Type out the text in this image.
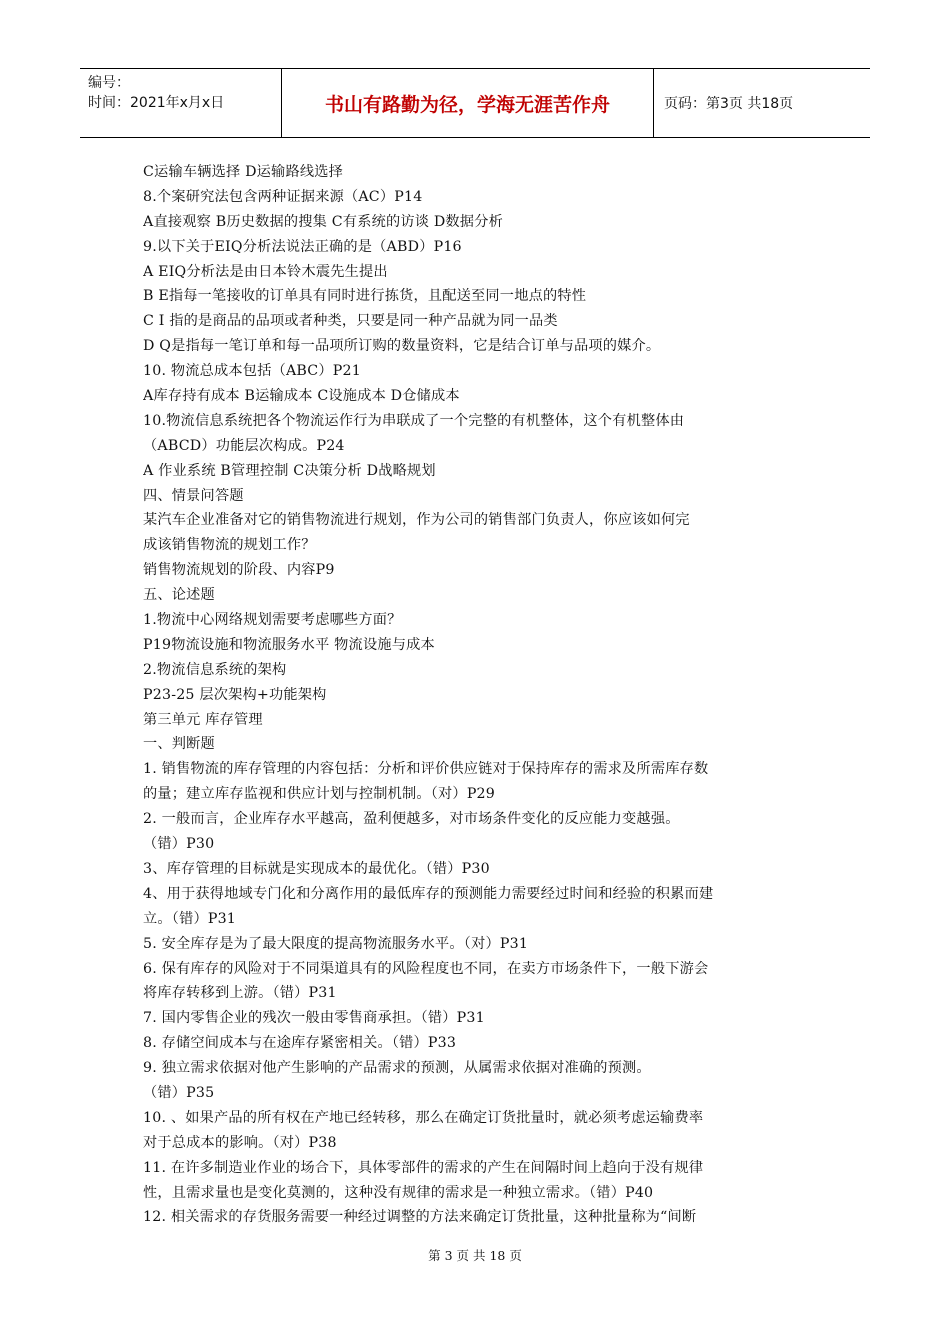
编号：
时间：2021年x月x日	书山有路勤为径，学海无涯苦作舟	页码：第3页 共18页
C运输车辆选择 D运输路线选择
8.个案研究法包含两种证据来源（AC）P14
A直接观察 B历史数据的搜集 C有系统的访谈 D数据分析
9.以下关于EIQ分析法说法正确的是（ABD）P16
A EIQ分析法是由日本铃木震先生提出
B E指每一笔接收的订单具有同时进行拣货，且配送至同一地点的特性
C I 指的是商品的品项或者种类，只要是同一种产品就为同一品类
D Q是指每一笔订单和每一品项所订购的数量资料，它是结合订单与品项的媒介。
10. 物流总成本包括（ABC）P21
A库存持有成本 B运输成本 C设施成本 D仓储成本
10.物流信息系统把各个物流运作行为串联成了一个完整的有机整体，这个有机整体由
（ABCD）功能层次构成。P24
A 作业系统 B管理控制 C决策分析 D战略规划
四、情景问答题
某汽车企业准备对它的销售物流进行规划，作为公司的销售部门负责人，你应该如何完
成该销售物流的规划工作？
销售物流规划的阶段、内容P9
五、论述题
1.物流中心网络规划需要考虑哪些方面？
P19物流设施和物流服务水平 物流设施与成本
2.物流信息系统的架构
P23-25 层次架构+功能架构
第三单元 库存管理
一、判断题
1. 销售物流的库存管理的内容包括：分析和评价供应链对于保持库存的需求及所需库存数
的量；建立库存监视和供应计划与控制机制。（对）P29
2. 一般而言，企业库存水平越高，盈利便越多，对市场条件变化的反应能力变越强。
（错）P30
3、库存管理的目标就是实现成本的最优化。（错）P30
4、用于获得地域专门化和分离作用的最低库存的预测能力需要经过时间和经验的积累而建
立。（错）P31
5. 安全库存是为了最大限度的提高物流服务水平。（对）P31
6. 保有库存的风险对于不同渠道具有的风险程度也不同，在卖方市场条件下，一般下游会
将库存转移到上游。（错）P31
7. 国内零售企业的残次一般由零售商承担。（错）P31
8. 存储空间成本与在途库存紧密相关。（错）P33
9. 独立需求依据对他产生影响的产品需求的预测，从属需求依据对准确的预测。
（错）P35
10. 、如果产品的所有权在产地已经转移，那么在确定订货批量时，就必须考虑运输费率
对于总成本的影响。（对）P38
11. 在许多制造业作业的场合下，具体零部件的需求的产生在间隔时间上趋向于没有规律
性，且需求量也是变化莫测的，这种没有规律的需求是一种独立需求。（错）P40
12. 相关需求的存货服务需要一种经过调整的方法来确定订货批量，这种批量称为“间断
第 3 页 共 18 页
